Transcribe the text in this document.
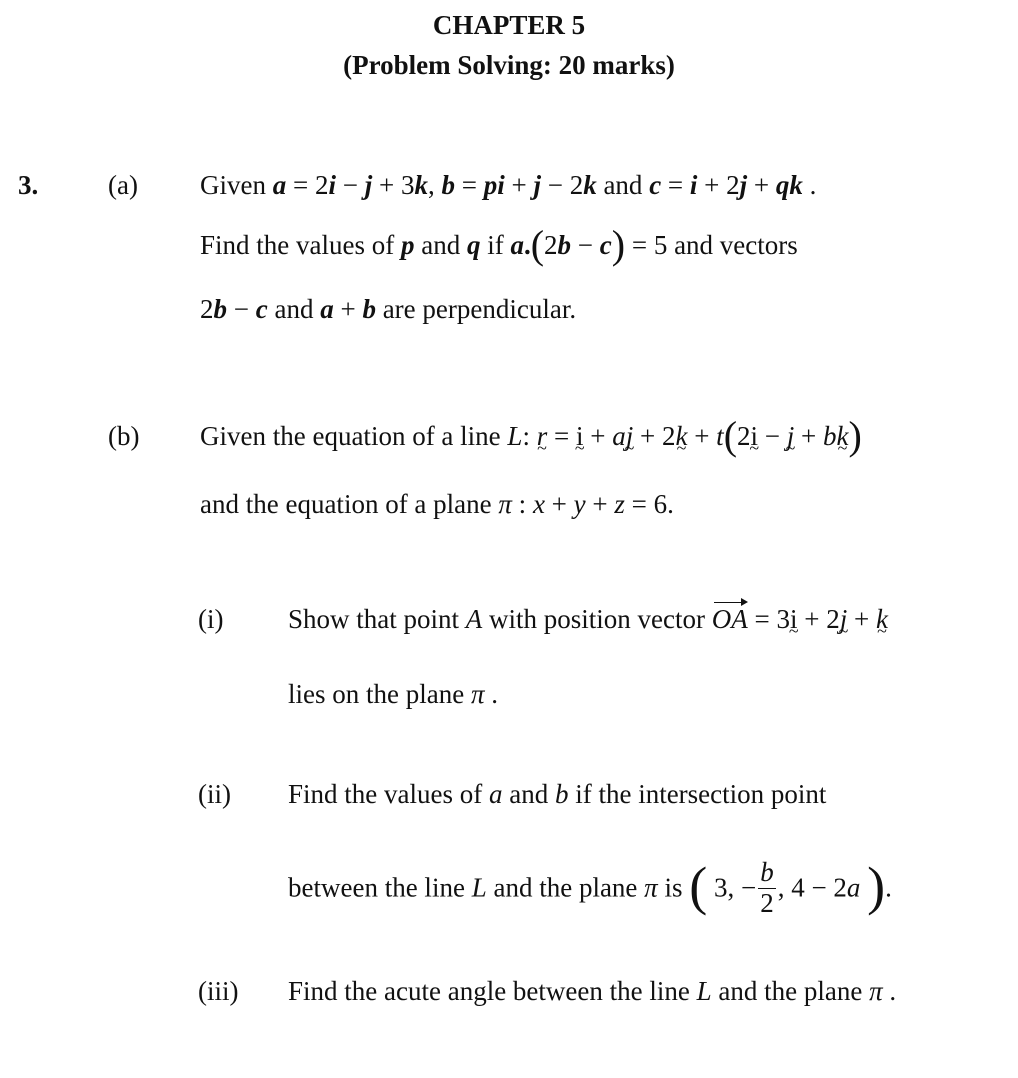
CHAPTER 5
(Problem Solving: 20 marks)
3.	(a) Given a = 2i − j + 3k, b = pi + j − 2k and c = i + 2j + qk .
Find the values of p and q if a.(2b − c) = 5 and vectors
2b − c and a + b are perpendicular.
(b) Given the equation of a line L: r ~ = i ~ + aj ~ + 2k ~ + t(2i ~ − j ~ + bk ~)
and the equation of a plane π : x + y + z = 6.
(i) Show that point A with position vector OA = 3i ~ + 2j ~ + k ~
lies on the plane π .
(ii) Find the values of a and b if the intersection point
between the line L and the plane π is ( 3, − $\frac{b}{2}$ , 4 − 2a ).
(iii) Find the acute angle between the line L and the plane π .
